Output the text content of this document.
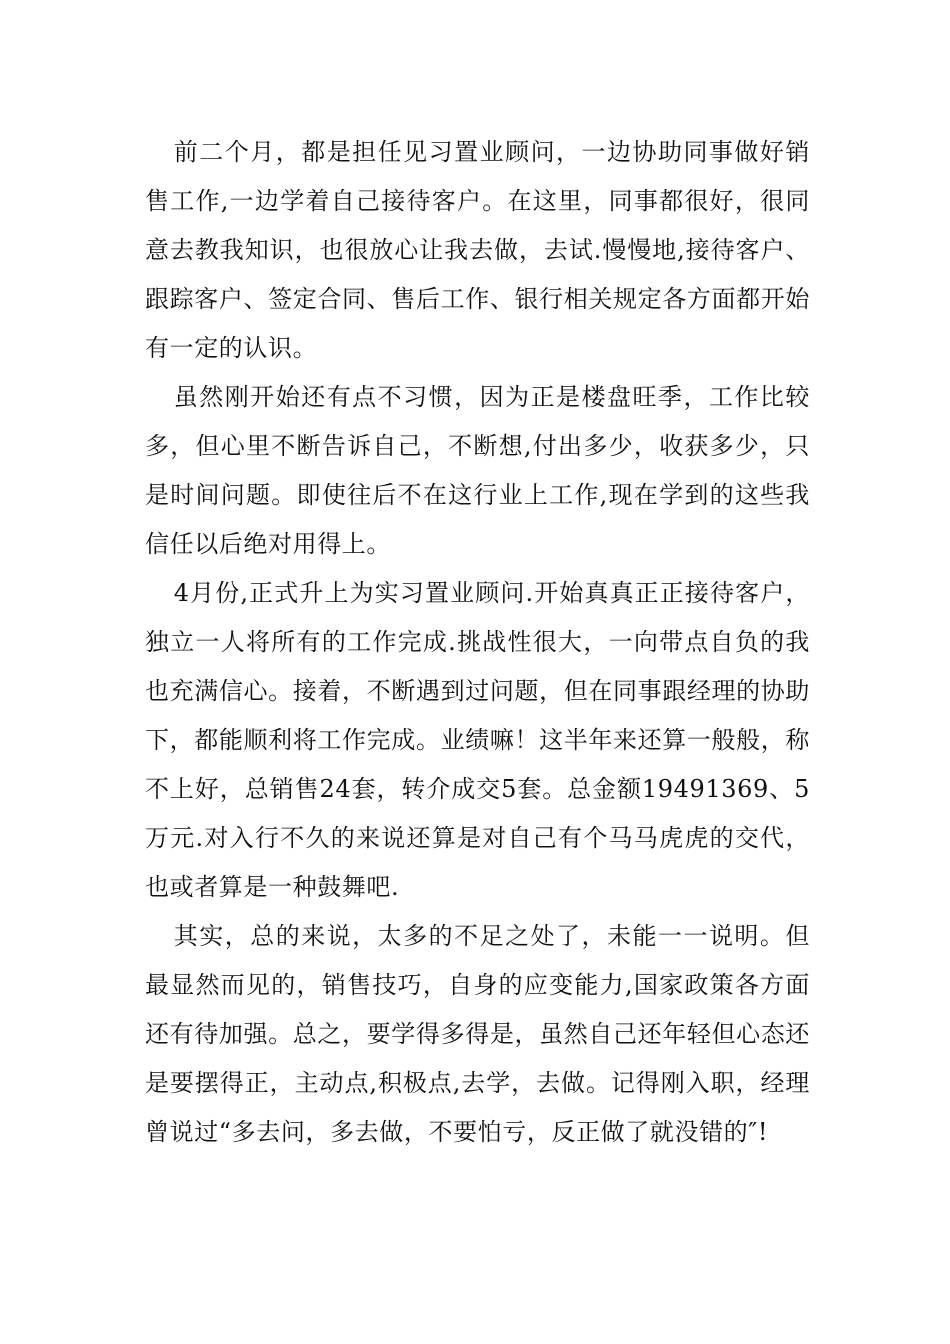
前二个月，都是担任见习置业顾问，一边协助同事做好销售工作,一边学着自己接待客户。在这里，同事都很好，很同意去教我知识，也很放心让我去做，去试.慢慢地,接待客户、跟踪客户、签定合同、售后工作、银行相关规定各方面都开始有一定的认识。

虽然刚开始还有点不习惯，因为正是楼盘旺季，工作比较多，但心里不断告诉自己，不断想,付出多少，收获多少，只是时间问题。即使往后不在这行业上工作,现在学到的这些我信任以后绝对用得上。

4月份,正式升上为实习置业顾问.开始真真正正接待客户，独立一人将所有的工作完成.挑战性很大，一向带点自负的我也充满信心。接着，不断遇到过问题，但在同事跟经理的协助下，都能顺利将工作完成。业绩嘛！这半年来还算一般般，称不上好，总销售24套，转介成交5套。总金额19491369、5万元.对入行不久的来说还算是对自己有个马马虎虎的交代，也或者算是一种鼓舞吧.

其实，总的来说，太多的不足之处了，未能一一说明。但最显然而见的，销售技巧，自身的应变能力,国家政策各方面还有待加强。总之，要学得多得是，虽然自己还年轻但心态还是要摆得正，主动点,积极点,去学，去做。记得刚入职，经理曾说过“多去问，多去做，不要怕亏，反正做了就没错的″!
